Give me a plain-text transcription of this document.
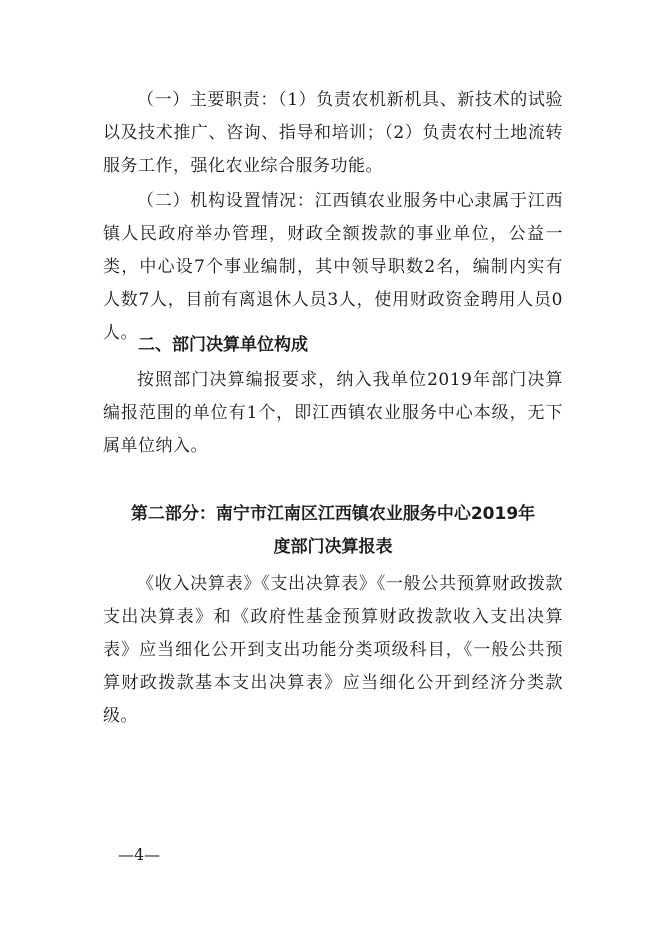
（一）主要职责：（1）负责农机新机具、新技术的试验以及技术推广、咨询、指导和培训；（2）负责农村土地流转服务工作，强化农业综合服务功能。

（二）机构设置情况：江西镇农业服务中心隶属于江西镇人民政府举办管理，财政全额拨款的事业单位，公益一类，中心设7个事业编制，其中领导职数2名，编制内实有人数7人，目前有离退休人员3人，使用财政资金聘用人员0人。

二、部门决算单位构成

按照部门决算编报要求，纳入我单位2019年部门决算编报范围的单位有1个，即江西镇农业服务中心本级，无下属单位纳入。

第二部分：南宁市江南区江西镇农业服务中心2019年

度部门决算报表

《收入决算表》《支出决算表》《一般公共预算财政拨款支出决算表》和《政府性基金预算财政拨款收入支出决算表》应当细化公开到支出功能分类项级科目，《一般公共预算财政拨款基本支出决算表》应当细化公开到经济分类款级。

—4—
